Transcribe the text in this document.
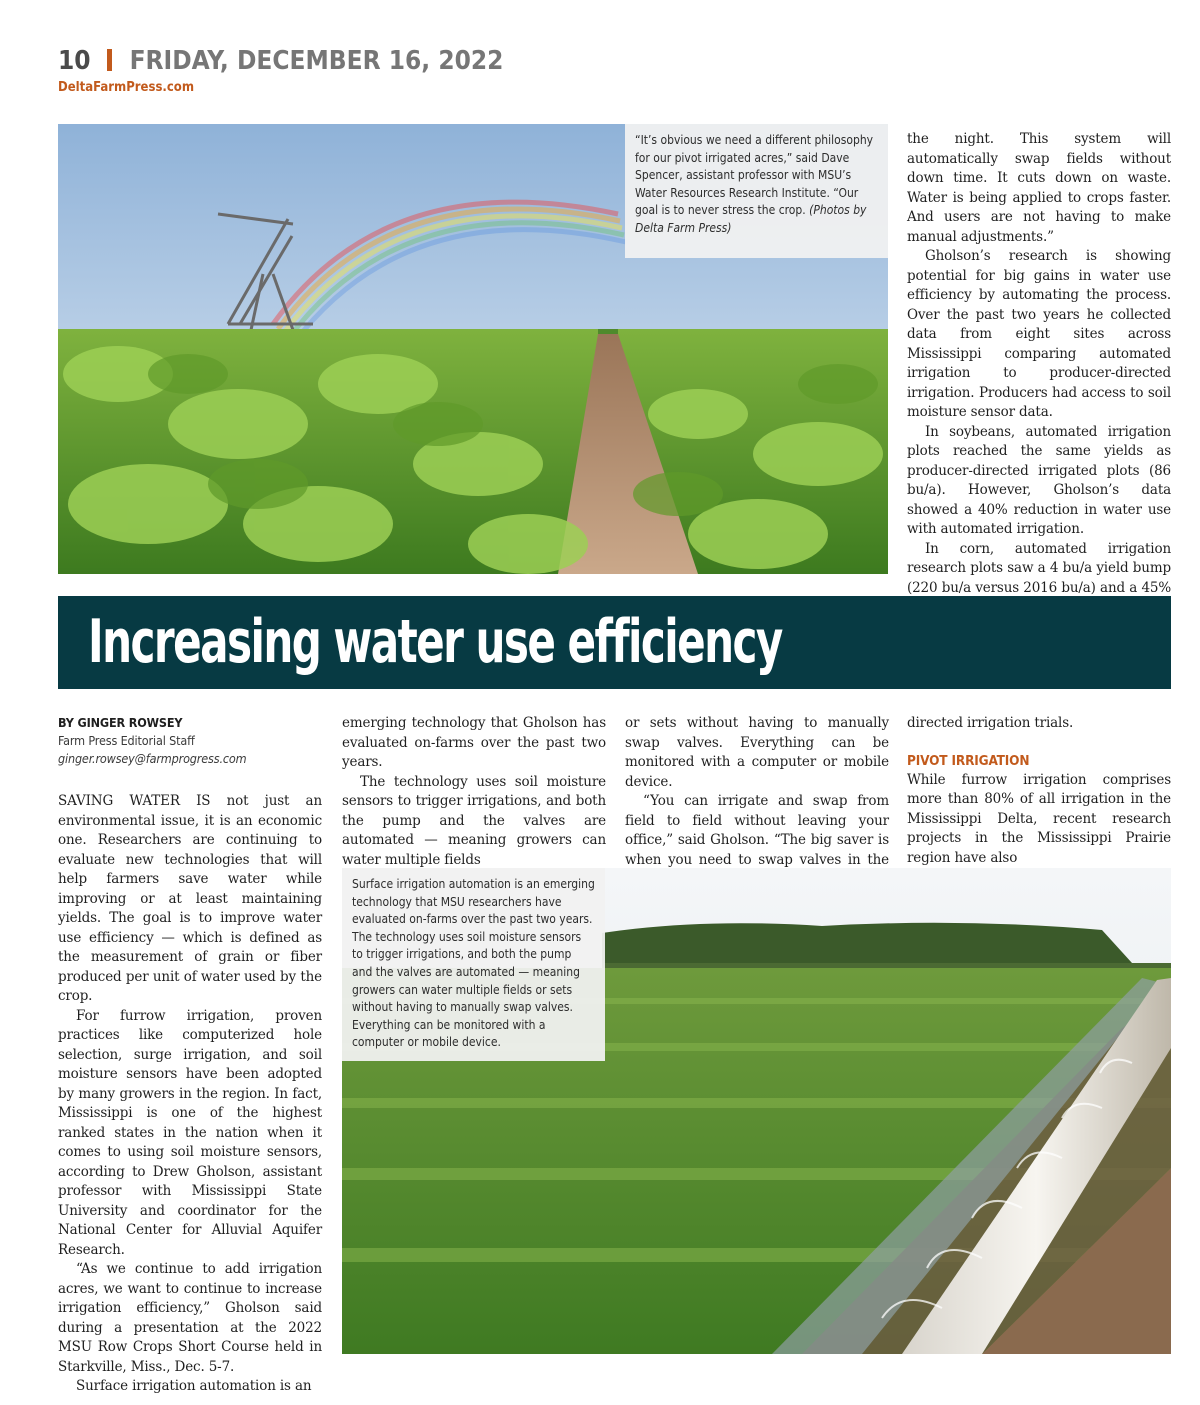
10 FRIDAY, DECEMBER 16, 2022
DeltaFarmPress.com
“It’s obvious we need a different philosophy for our pivot irrigated acres,” said Dave Spencer, assistant professor with MSU’s Water Resources Research Institute. “Our goal is to never stress the crop. (Photos by Delta Farm Press)

the night. This system will automatically swap fields without down time. It cuts down on waste. Water is being applied to crops faster. And users are not having to make manual adjustments.”

Gholson’s research is showing potential for big gains in water use efficiency by automating the process. Over the past two years he collected data from eight sites across Mississippi comparing automated irrigation to producer-directed irrigation. Producers had access to soil moisture sensor data.

In soybeans, automated irrigation plots reached the same yields as producer-directed irrigated plots (86 bu/a). However, Gholson’s data showed a 40% reduction in water use with automated irrigation.

In corn, automated irrigation research plots saw a 4 bu/a yield bump (220 bu/a versus 2016 bu/a) and a 45%

Increasing water use efficiency
BY GINGER ROWSEY
Farm Press Editorial Staff
ginger.rowsey@farmprogress.com

SAVING WATER IS not just an environmental issue, it is an economic one. Researchers are continuing to evaluate new technologies that will help farmers save water while improving or at least maintaining yields. The goal is to improve water use efficiency — which is defined as the measurement of grain or fiber produced per unit of water used by the crop.

For furrow irrigation, proven practices like computerized hole selection, surge irrigation, and soil moisture sensors have been adopted by many growers in the region. In fact, Mississippi is one of the highest ranked states in the nation when it comes to using soil moisture sensors, according to Drew Gholson, assistant professor with Mississippi State University and coordinator for the National Center for Alluvial Aquifer Research.

“As we continue to add irrigation acres, we want to continue to increase irrigation efficiency,” Gholson said during a presentation at the 2022 MSU Row Crops Short Course held in Starkville, Miss., Dec. 5-7.

Surface irrigation automation is an

emerging technology that Gholson has evaluated on-farms over the past two years.

The technology uses soil moisture sensors to trigger irrigations, and both the pump and the valves are automated — meaning growers can water multiple fields

or sets without having to manually swap valves. Everything can be monitored with a computer or mobile device.

“You can irrigate and swap from field to field without leaving your office,” said Gholson. “The big saver is when you need to swap valves in the

directed irrigation trials.

PIVOT IRRIGATION

While furrow irrigation comprises more than 80% of all irrigation in the Mississippi Delta, recent research projects in the Mississippi Prairie region have also

Surface irrigation automation is an emerging technology that MSU researchers have evaluated on-farms over the past two years. The technology uses soil moisture sensors to trigger irrigations, and both the pump and the valves are automated — meaning growers can water multiple fields or sets without having to manually swap valves. Everything can be monitored with a computer or mobile device.
